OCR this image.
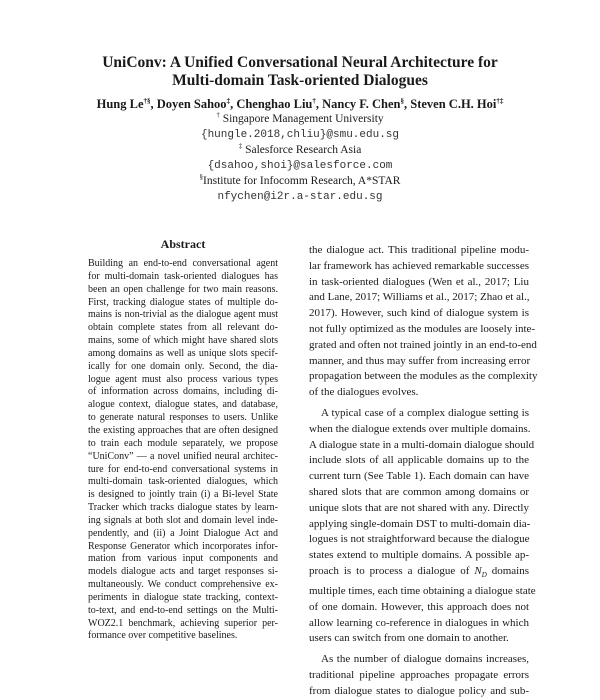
UniConv: A Unified Conversational Neural Architecture for
Multi-domain Task-oriented Dialogues
Hung Le†§, Doyen Sahoo‡, Chenghao Liu†, Nancy F. Chen§, Steven C.H. Hoi†‡
† Singapore Management University
{hungle.2018,chliu}@smu.edu.sg
‡ Salesforce Research Asia
{dsahoo,shoi}@salesforce.com
§Institute for Infocomm Research, A*STAR
nfychen@i2r.a-star.edu.sg
Abstract
Building an end-to-end conversational agent
for multi-domain task-oriented dialogues has
been an open challenge for two main reasons.
First, tracking dialogue states of multiple do-
mains is non-trivial as the dialogue agent must
obtain complete states from all relevant do-
mains, some of which might have shared slots
among domains as well as unique slots specif-
ically for one domain only. Second, the dia-
logue agent must also process various types
of information across domains, including di-
alogue context, dialogue states, and database,
to generate natural responses to users. Unlike
the existing approaches that are often designed
to train each module separately, we propose
“UniConv” — a novel unified neural architec-
ture for end-to-end conversational systems in
multi-domain task-oriented dialogues, which
is designed to jointly train (i) a Bi-level State
Tracker which tracks dialogue states by learn-
ing signals at both slot and domain level inde-
pendently, and (ii) a Joint Dialogue Act and
Response Generator which incorporates infor-
mation from various input components and
models dialogue acts and target responses si-
multaneously. We conduct comprehensive ex-
periments in dialogue state tracking, context-
to-text, and end-to-end settings on the Multi-
WOZ2.1 benchmark, achieving superior per-
formance over competitive baselines.
the dialogue act. This traditional pipeline modu-
lar framework has achieved remarkable successes
in task-oriented dialogues (Wen et al., 2017; Liu
and Lane, 2017; Williams et al., 2017; Zhao et al.,
2017). However, such kind of dialogue system is
not fully optimized as the modules are loosely inte-
grated and often not trained jointly in an end-to-end
manner, and thus may suffer from increasing error
propagation between the modules as the complexity
of the dialogues evolves.
A typical case of a complex dialogue setting is
when the dialogue extends over multiple domains.
A dialogue state in a multi-domain dialogue should
include slots of all applicable domains up to the
current turn (See Table 1). Each domain can have
shared slots that are common among domains or
unique slots that are not shared with any. Directly
applying single-domain DST to multi-domain dia-
logues is not straightforward because the dialogue
states extend to multiple domains. A possible ap-
proach is to process a dialogue of $N_D$ domains
multiple times, each time obtaining a dialogue state
of one domain. However, this approach does not
allow learning co-reference in dialogues in which
users can switch from one domain to another.
As the number of dialogue domains increases,
traditional pipeline approaches propagate errors
from dialogue states to dialogue policy and sub-
